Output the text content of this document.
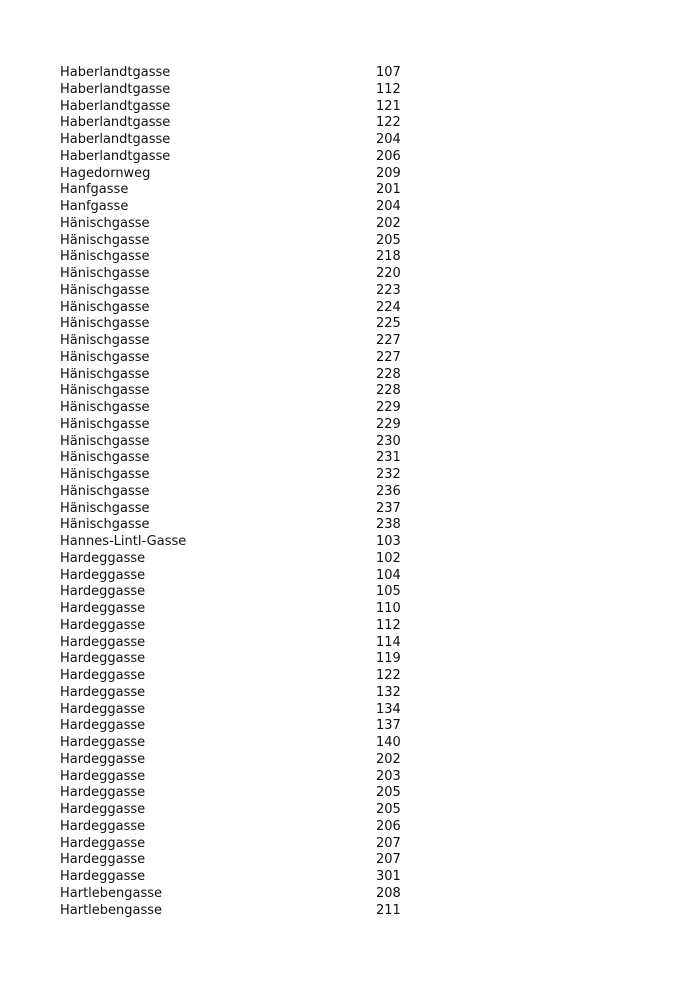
Haberlandtgasse	107
Haberlandtgasse	112
Haberlandtgasse	121
Haberlandtgasse	122
Haberlandtgasse	204
Haberlandtgasse	206
Hagedornweg	209
Hanfgasse	201
Hanfgasse	204
Hänischgasse	202
Hänischgasse	205
Hänischgasse	218
Hänischgasse	220
Hänischgasse	223
Hänischgasse	224
Hänischgasse	225
Hänischgasse	227
Hänischgasse	227
Hänischgasse	228
Hänischgasse	228
Hänischgasse	229
Hänischgasse	229
Hänischgasse	230
Hänischgasse	231
Hänischgasse	232
Hänischgasse	236
Hänischgasse	237
Hänischgasse	238
Hannes-Lintl-Gasse	103
Hardeggasse	102
Hardeggasse	104
Hardeggasse	105
Hardeggasse	110
Hardeggasse	112
Hardeggasse	114
Hardeggasse	119
Hardeggasse	122
Hardeggasse	132
Hardeggasse	134
Hardeggasse	137
Hardeggasse	140
Hardeggasse	202
Hardeggasse	203
Hardeggasse	205
Hardeggasse	205
Hardeggasse	206
Hardeggasse	207
Hardeggasse	207
Hardeggasse	301
Hartlebengasse	208
Hartlebengasse	211
